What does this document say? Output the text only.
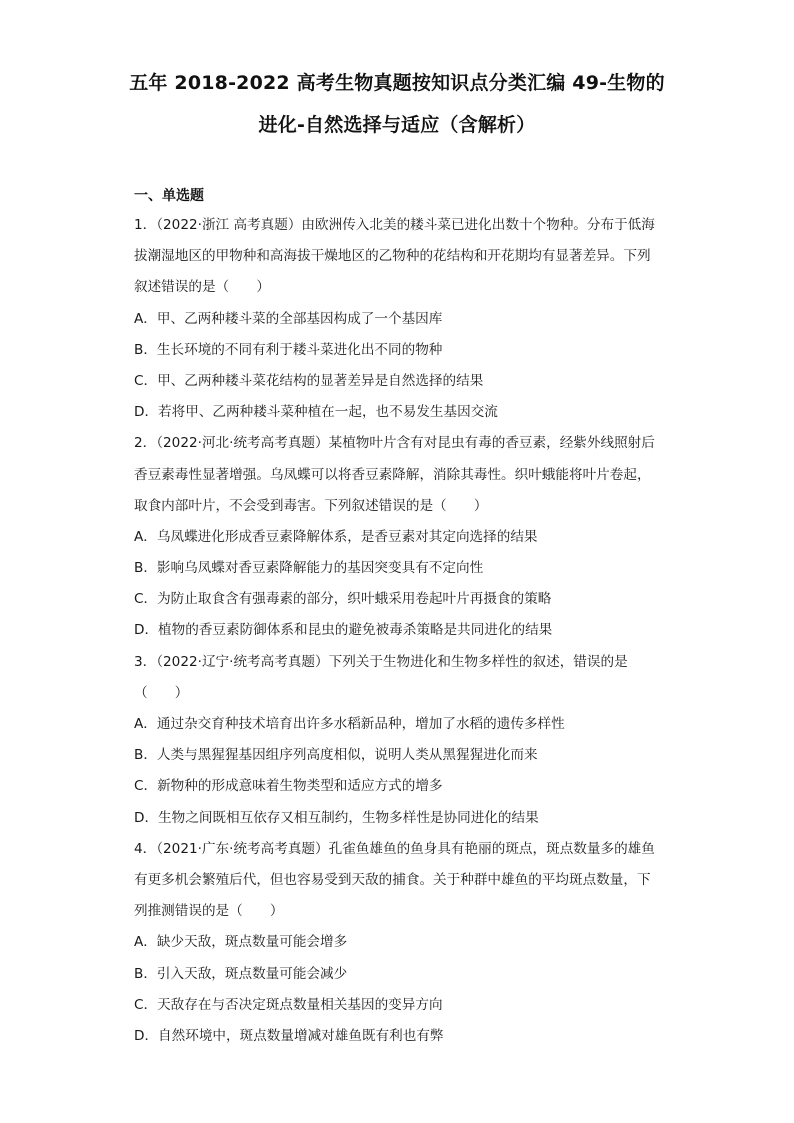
五年 2018-2022 高考生物真题按知识点分类汇编 49-生物的
进化-自然选择与适应（含解析）
一、单选题
1．（2022·浙江 高考真题）由欧洲传入北美的耧斗菜已进化出数十个物种。分布于低海
拔潮湿地区的甲物种和高海拔干燥地区的乙物种的花结构和开花期均有显著差异。下列
叙述错误的是（　　）
A．甲、乙两种耧斗菜的全部基因构成了一个基因库
B．生长环境的不同有利于耧斗菜进化出不同的物种
C．甲、乙两种耧斗菜花结构的显著差异是自然选择的结果
D．若将甲、乙两种耧斗菜种植在一起，也不易发生基因交流
2．（2022·河北·统考高考真题）某植物叶片含有对昆虫有毒的香豆素，经紫外线照射后
香豆素毒性显著增强。乌凤蝶可以将香豆素降解，消除其毒性。织叶蛾能将叶片卷起，
取食内部叶片，不会受到毒害。下列叙述错误的是（　　）
A．乌凤蝶进化形成香豆素降解体系，是香豆素对其定向选择的结果
B．影响乌凤蝶对香豆素降解能力的基因突变具有不定向性
C．为防止取食含有强毒素的部分，织叶蛾采用卷起叶片再摄食的策略
D．植物的香豆素防御体系和昆虫的避免被毒杀策略是共同进化的结果
3．（2022·辽宁·统考高考真题）下列关于生物进化和生物多样性的叙述，错误的是
（　　）
A．通过杂交育种技术培育出许多水稻新品种，增加了水稻的遗传多样性
B．人类与黑猩猩基因组序列高度相似，说明人类从黑猩猩进化而来
C．新物种的形成意味着生物类型和适应方式的增多
D．生物之间既相互依存又相互制约，生物多样性是协同进化的结果
4．（2021·广东·统考高考真题）孔雀鱼雄鱼的鱼身具有艳丽的斑点，斑点数量多的雄鱼
有更多机会繁殖后代，但也容易受到天敌的捕食。关于种群中雄鱼的平均斑点数量，下
列推测错误的是（　　）
A．缺少天敌，斑点数量可能会增多
B．引入天敌，斑点数量可能会减少
C．天敌存在与否决定斑点数量相关基因的变异方向
D．自然环境中，斑点数量增减对雄鱼既有利也有弊
